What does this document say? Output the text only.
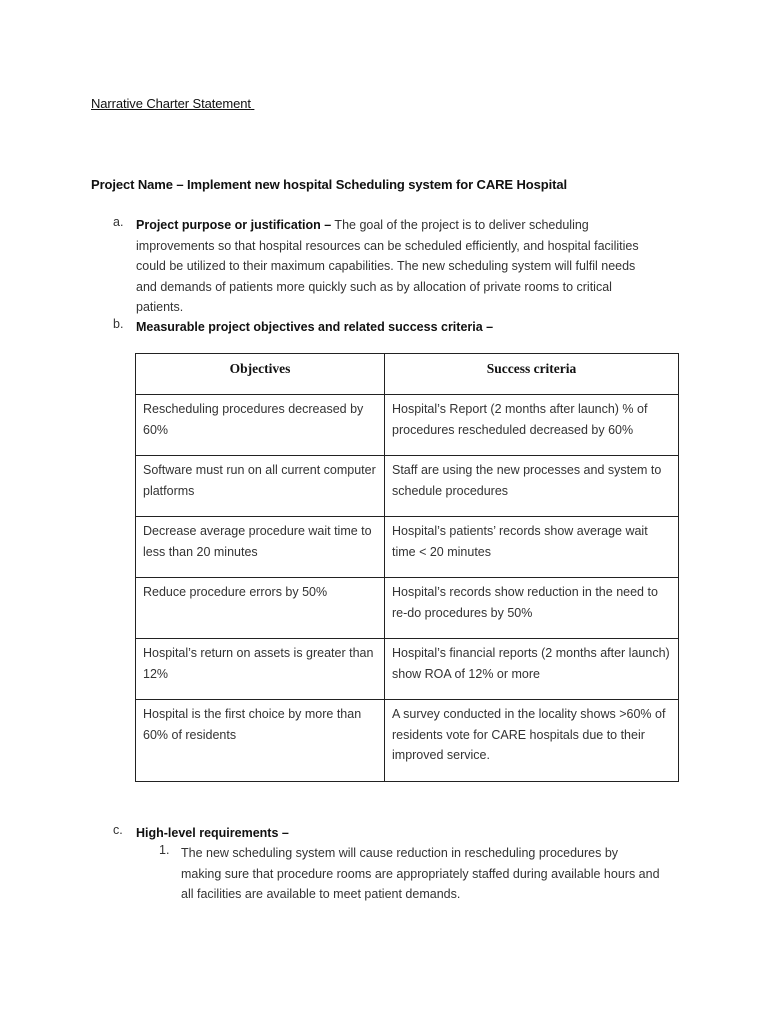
Narrative Charter Statement
Project Name – Implement new hospital Scheduling system for CARE Hospital
a. Project purpose or justification – The goal of the project is to deliver scheduling improvements so that hospital resources can be scheduled efficiently, and hospital facilities could be utilized to their maximum capabilities. The new scheduling system will fulfil needs and demands of patients more quickly such as by allocation of private rooms to critical patients.
b. Measurable project objectives and related success criteria –
Objectives	Success criteria
Rescheduling procedures decreased by 60%	Hospital’s Report (2 months after launch) % of procedures rescheduled decreased by 60%
Software must run on all current computer platforms	Staff are using the new processes and system to schedule procedures
Decrease average procedure wait time to less than 20 minutes	Hospital’s patients’ records show average wait time < 20 minutes
Reduce procedure errors by 50%	Hospital’s records show reduction in the need to re-do procedures by 50%
Hospital’s return on assets is greater than 12%	Hospital’s financial reports (2 months after launch) show ROA of 12% or more
Hospital is the first choice by more than 60% of residents	A survey conducted in the locality shows >60% of residents vote for CARE hospitals due to their improved service.
c. High-level requirements –
1. The new scheduling system will cause reduction in rescheduling procedures by making sure that procedure rooms are appropriately staffed during available hours and all facilities are available to meet patient demands.
